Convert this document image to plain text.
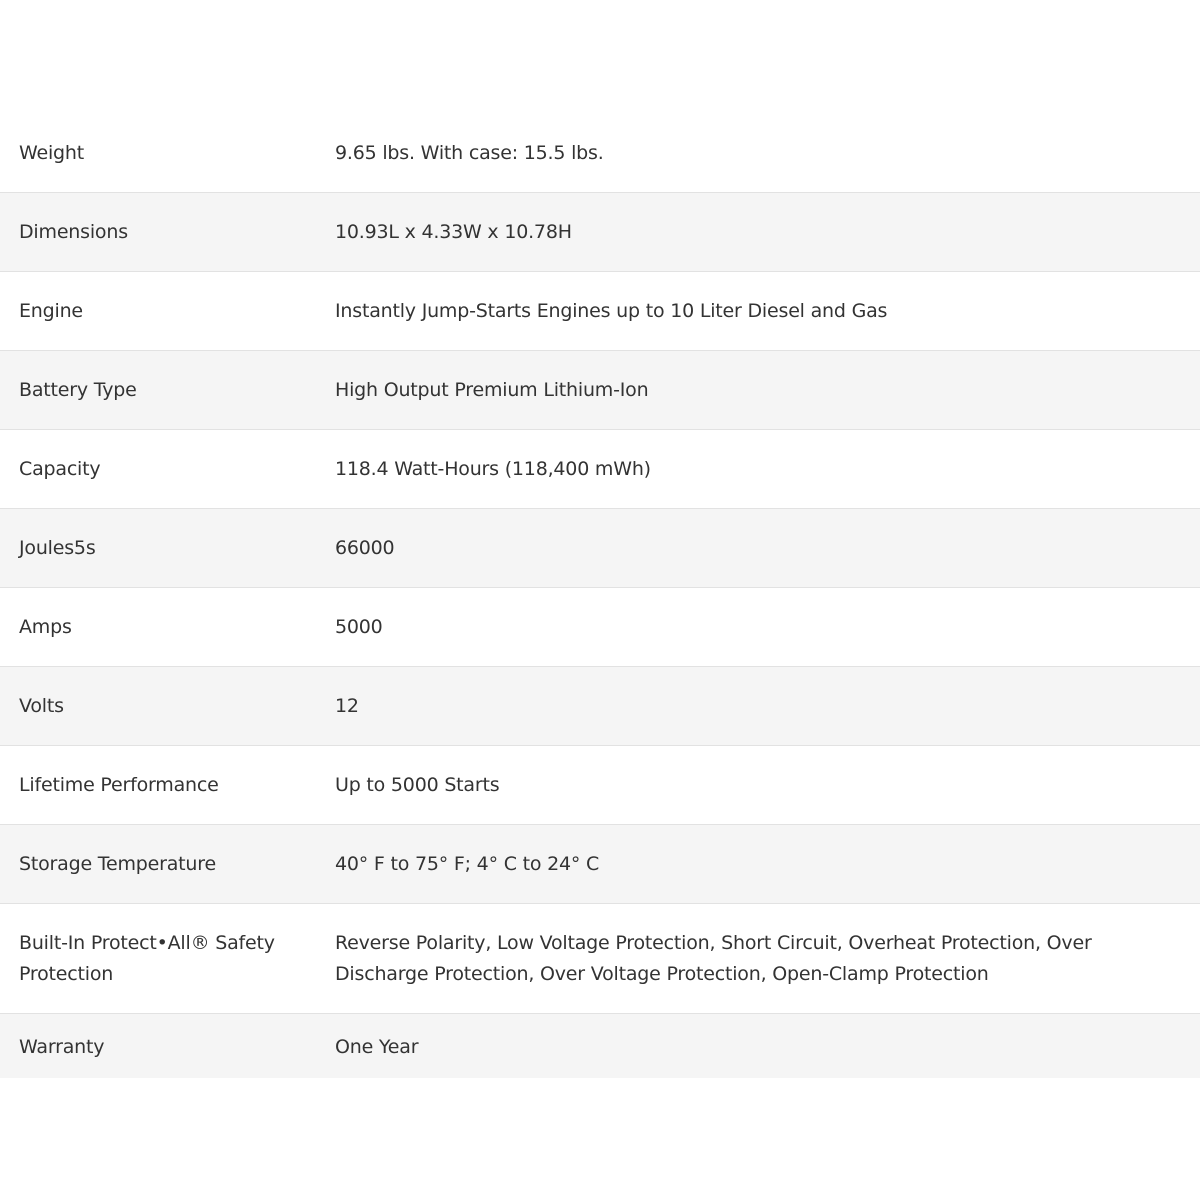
Weight	9.65 lbs. With case: 15.5 lbs.
Dimensions	10.93L x 4.33W x 10.78H
Engine	Instantly Jump-Starts Engines up to 10 Liter Diesel and Gas
Battery Type	High Output Premium Lithium-Ion
Capacity	118.4 Watt-Hours (118,400 mWh)
Joules5s	66000
Amps	5000
Volts	12
Lifetime Performance	Up to 5000 Starts
Storage Temperature	40° F to 75° F; 4° C to 24° C
Built-In Protect•All® Safety Protection	Reverse Polarity, Low Voltage Protection, Short Circuit, Overheat Protection, Over Discharge Protection, Over Voltage Protection, Open-Clamp Protection
Warranty	One Year
